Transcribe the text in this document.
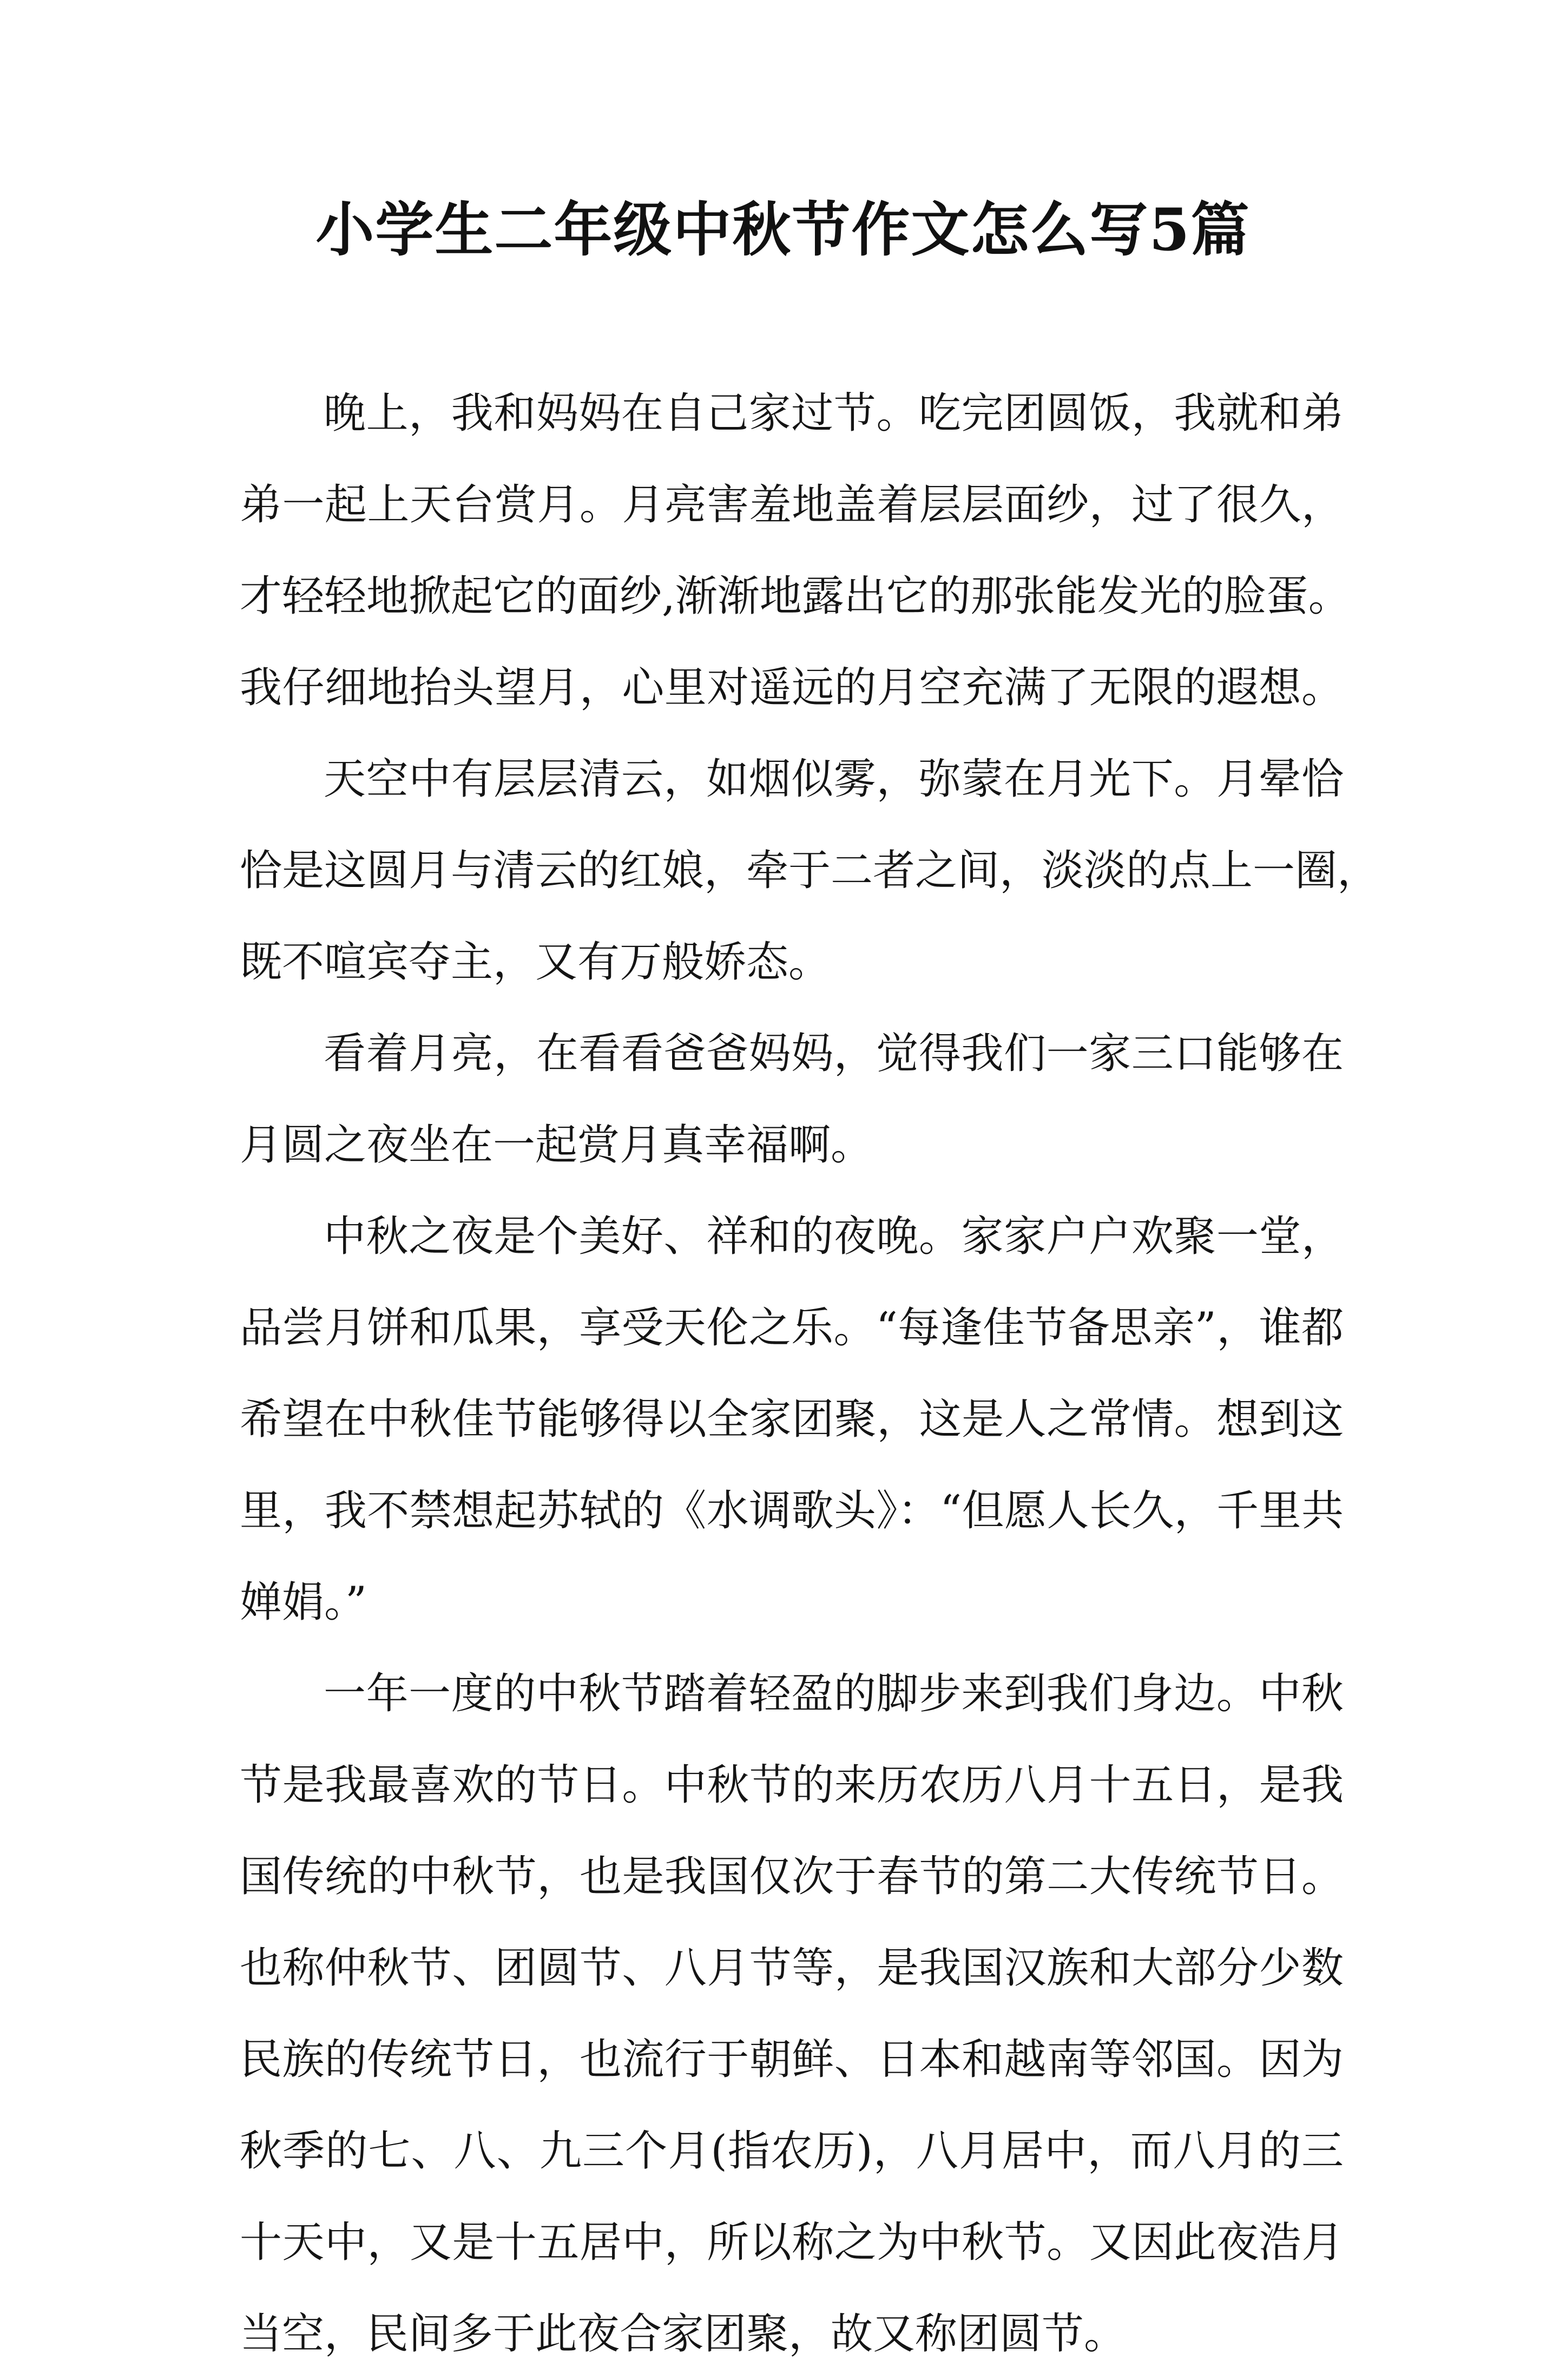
小学生二年级中秋节作文怎么写5篇
晚上，我和妈妈在自己家过节。吃完团圆饭，我就和弟
弟一起上天台赏月。月亮害羞地盖着层层面纱，过了很久，
才轻轻地掀起它的面纱,渐渐地露出它的那张能发光的脸蛋。
我仔细地抬头望月，心里对遥远的月空充满了无限的遐想。
天空中有层层清云，如烟似雾，弥蒙在月光下。月晕恰
恰是这圆月与清云的红娘，牵于二者之间，淡淡的点上一圈，
既不喧宾夺主，又有万般娇态。
看着月亮，在看看爸爸妈妈，觉得我们一家三口能够在
月圆之夜坐在一起赏月真幸福啊。
中秋之夜是个美好、祥和的夜晚。家家户户欢聚一堂，
品尝月饼和瓜果，享受天伦之乐。“每逢佳节备思亲”，谁都
希望在中秋佳节能够得以全家团聚，这是人之常情。想到这
里，我不禁想起苏轼的《水调歌头》：“但愿人长久，千里共
婵娟。”
一年一度的中秋节踏着轻盈的脚步来到我们身边。中秋
节是我最喜欢的节日。中秋节的来历农历八月十五日，是我
国传统的中秋节，也是我国仅次于春节的第二大传统节日。
也称仲秋节、团圆节、八月节等，是我国汉族和大部分少数
民族的传统节日，也流行于朝鲜、日本和越南等邻国。因为
秋季的七、八、九三个月(指农历)，八月居中，而八月的三
十天中，又是十五居中，所以称之为中秋节。又因此夜浩月
当空，民间多于此夜合家团聚，故又称团圆节。
